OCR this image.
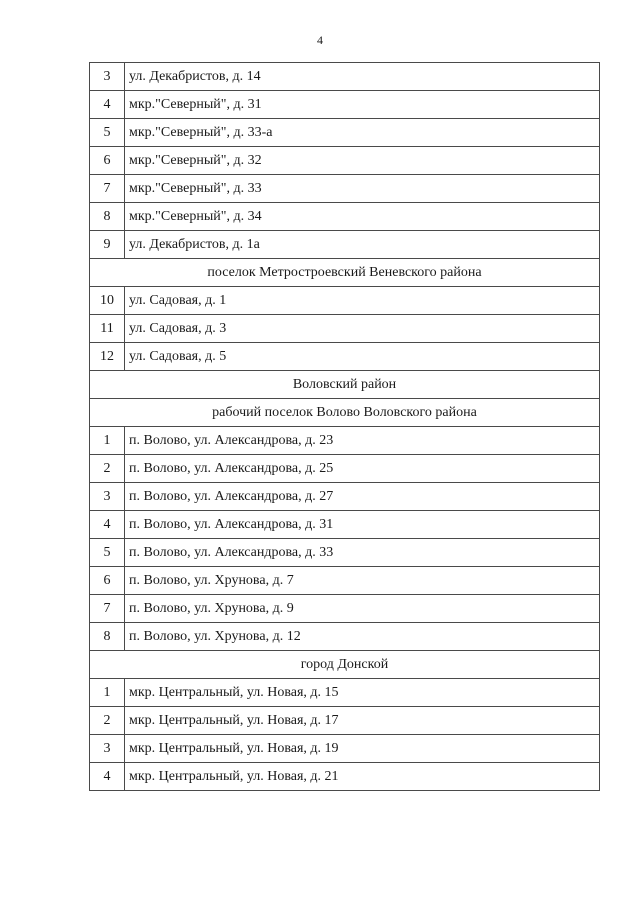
4
3	ул. Декабристов, д. 14
4	мкр."Северный", д. 31
5	мкр."Северный", д. 33-а
6	мкр."Северный", д. 32
7	мкр."Северный", д. 33
8	мкр."Северный", д. 34
9	ул. Декабристов, д. 1а
поселок Метростроевский Веневского района	
10	ул. Садовая, д. 1
11	ул. Садовая, д. 3
12	ул. Садовая, д. 5
Воловский район	
рабочий поселок Волово Воловского района	
1	п. Волово, ул. Александрова, д. 23
2	п. Волово, ул. Александрова, д. 25
3	п. Волово, ул. Александрова, д. 27
4	п. Волово, ул. Александрова, д. 31
5	п. Волово, ул. Александрова, д. 33
6	п. Волово, ул. Хрунова, д. 7
7	п. Волово, ул. Хрунова, д. 9
8	п. Волово, ул. Хрунова, д. 12
город Донской	
1	мкр. Центральный, ул. Новая, д. 15
2	мкр. Центральный, ул. Новая, д. 17
3	мкр. Центральный, ул. Новая, д. 19
4	мкр. Центральный, ул. Новая, д. 21
